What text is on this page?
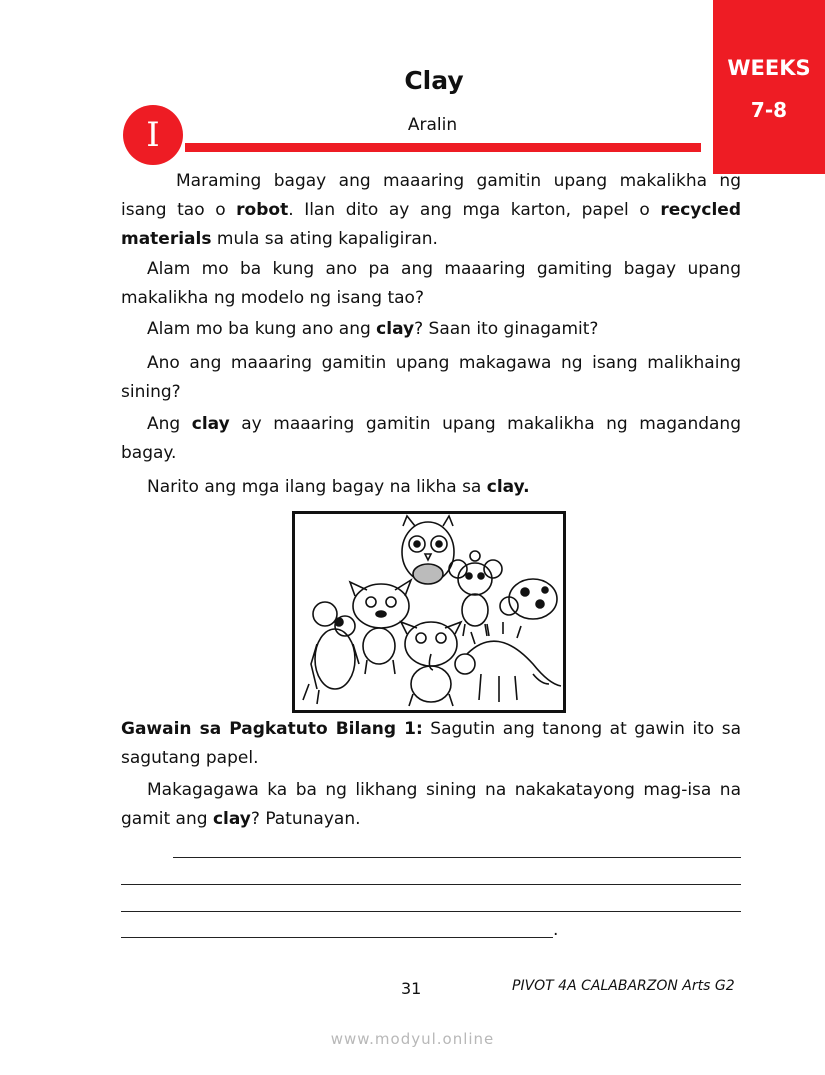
WEEKS
7-8
Clay
I	Aralin

Maraming bagay ang maaaring gamitin upang makalikha ng isang tao o robot. Ilan dito ay ang mga karton, papel o recycled materials mula sa ating kapaligiran.

Alam mo ba kung ano pa ang maaaring gamiting bagay upang makalikha ng modelo ng isang tao?

Alam mo ba kung ano ang clay? Saan ito ginagamit?

Ano ang maaaring gamitin upang makagawa ng isang malikhaing sining?

Ang clay ay maaaring gamitin upang makalikha ng magandang bagay.

Narito ang mga ilang bagay na likha sa clay.

Gawain sa Pagkatuto Bilang 1: Sagutin ang tanong at gawin ito sa sagutang papel.

Makagagawa ka ba ng likhang sining na nakakatayong mag-isa na gamit ang clay? Patunayan.

.
31	PIVOT 4A CALABARZON Arts G2
www.modyul.online
